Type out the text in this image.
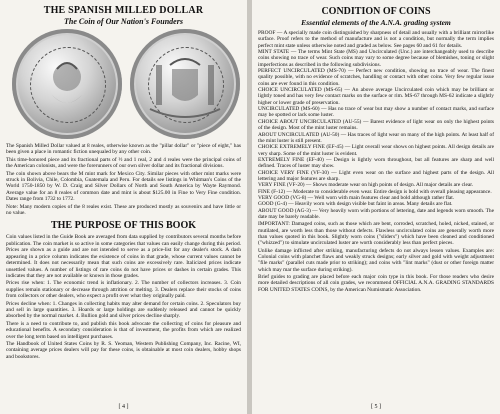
THE SPANISH MILLED DOLLAR
The Coin of Our Nation's Founders

The Spanish Milled Dollar valued at 8 reales, otherwise known as the "pillar dollar" or "piece of eight," has been given a place in romantic fiction unequaled by any other coin.

This time-honored piece and its fractional parts of ½ and 1 real, 2 and 4 reales were the principal coins of the American colonists, and were the forerunners of our own silver dollar and its fractional divisions.

The coin shown above bears the M mint mark for Mexico City. Similar pieces with other mint marks were struck in Bolivia, Chile, Colombia, Guatemala and Peru. For details see listings in Whitman's Coins of the World 1750-1850 by W. D. Craig and Silver Dollars of North and South America by Wayte Raymond. Average value for an 8 reales of common date and mint is about $125.00 in Fine to Very Fine condition. Dates range from 1732 to 1772.

Note: Many modern copies of the 8 reales exist. These are produced mostly as souvenirs and have little or no value.

THE PURPOSE OF THIS BOOK

Coin values listed in the Guide Book are averaged from data supplied by contributors several months before publication. The coin market is so active in some categories that values can easily change during this period. Prices are shown as a guide and are not intended to serve as a price-list for any dealer's stock. A dash appearing in a price column indicates the existence of coins in that grade, whose current values cannot be determined. It does not necessarily mean that such coins are excessively rare. Italicized prices indicate unsettled values. A number of listings of rare coins do not have prices or dashes in certain grades. This indicates that they are not available or known in those grades.

Prices rise when: 1. The economic trend is inflationary. 2. The number of collectors increases. 3. Coin supplies remain stationary or decrease through attrition or melting. 3. Dealers replace their stocks of coins from collectors or other dealers, who expect a profit over what they originally paid.

Prices decline when: 1. Changes in collecting habits may alter demand for certain coins. 2. Speculators buy and sell in large quantities. 3. Hoards or large holdings are suddenly released and cannot be quickly absorbed by the normal market. 4. Bullion gold and silver prices decline sharply.

There is a need to contribute to, and publish this book advocate the collecting of coins for pleasure and educational benefits. A secondary consideration is that of investment, the profits from which are realized over the long term based on intelligent purchases.

The Handbook of United States Coins by R. S. Yeoman, Western Publishing Company, Inc. Racine, WI, containing average prices dealers will pay for these coins, is obtainable at most coin dealers, hobby shops and bookstores.

[ 4 ]
CONDITION OF COINS
Essential elements of the A.N.A. grading system
PROOF — A specially made coin distinguished by sharpness of detail and usually with a brilliant mirrorlike surface. Proof refers to the method of manufacture and is not a condition, but normally the term implies perfect mint state unless otherwise noted and graded as below. See pages 60 and 61 for details.
MINT STATE — The terms Mint State (MS) and Uncirculated (Unc.) are interchangeably used to describe coins showing no trace of wear. Such coins may vary to some degree because of blemishes, toning or slight imperfections as described in the following subdivisions.
PERFECT UNCIRCULATED (MS-70) — Perfect new condition, showing no trace of wear. The finest quality possible, with no evidence of scratches, handling or contact with other coins. Very few regular issue coins are ever found in this condition.
CHOICE UNCIRCULATED (MS-65) — An above average Uncirculated coin which may be brilliant or lightly toned and has very few contact marks on the surface or rim. MS-67 through MS-62 indicate a slightly higher or lower grade of preservation.
UNCIRCULATED (MS-60) — Has no trace of wear but may show a number of contact marks, and surface may be spotted or lack some luster.
CHOICE ABOUT UNCIRCULATED (AU-55) — Barest evidence of light wear on only the highest points of the design. Most of the mint luster remains.
ABOUT UNCIRCULATED (AU-50) — Has traces of light wear on many of the high points. At least half of the mint luster is still present.
CHOICE EXTREMELY FINE (EF-45) — Light overall wear shows on highest points. All design details are very sharp. Some of the mint luster is evident.
EXTREMELY FINE (EF-40) — Design is lightly worn throughout, but all features are sharp and well defined. Traces of luster may show.
CHOICE VERY FINE (VF-30) — Light even wear on the surface and highest parts of the design. All lettering and major features are sharp.
VERY FINE (VF-20) — Shows moderate wear on high points of design. All major details are clear.
FINE (F-12) — Moderate to considerable even wear. Entire design is bold with overall pleasing appearance.
VERY GOOD (VG-8) — Well worn with main features clear and bold although rather flat.
GOOD (G-4) — Heavily worn with design visible but faint in areas. Many details are flat.
ABOUT GOOD (AG-3) — Very heavily worn with portions of lettering, date and legends worn smooth. The date may be barely readable.
IMPORTANT: Damaged coins, such as those which are bent, corroded, scratched, holed, nicked, stained, or mutilated, are worth less than those without defects. Flawless uncirculated coins are generally worth more than values quoted in this book. Slightly worn coins ("sliders") which have been cleaned and conditioned ("whizzed") to simulate uncirculated luster are worth considerably less than perfect pieces.
Unlike damage inflicted after striking, manufacturing defects do not always lessen values. Examples are: Colonial coins with planchet flaws and weakly struck designs; early silver and gold with weight adjustment "file marks" (parallel cuts made prior to striking); and coins with "lint marks" (dust or other foreign matter which may mar the surface during striking).
Brief guides to grading are placed before each major coin type in this book. For those readers who desire more detailed descriptions of all coin grades, we recommend OFFICIAL A.N.A. GRADING STANDARDS FOR UNITED STATES COINS, by the American Numismatic Association.
[ 5 ]
